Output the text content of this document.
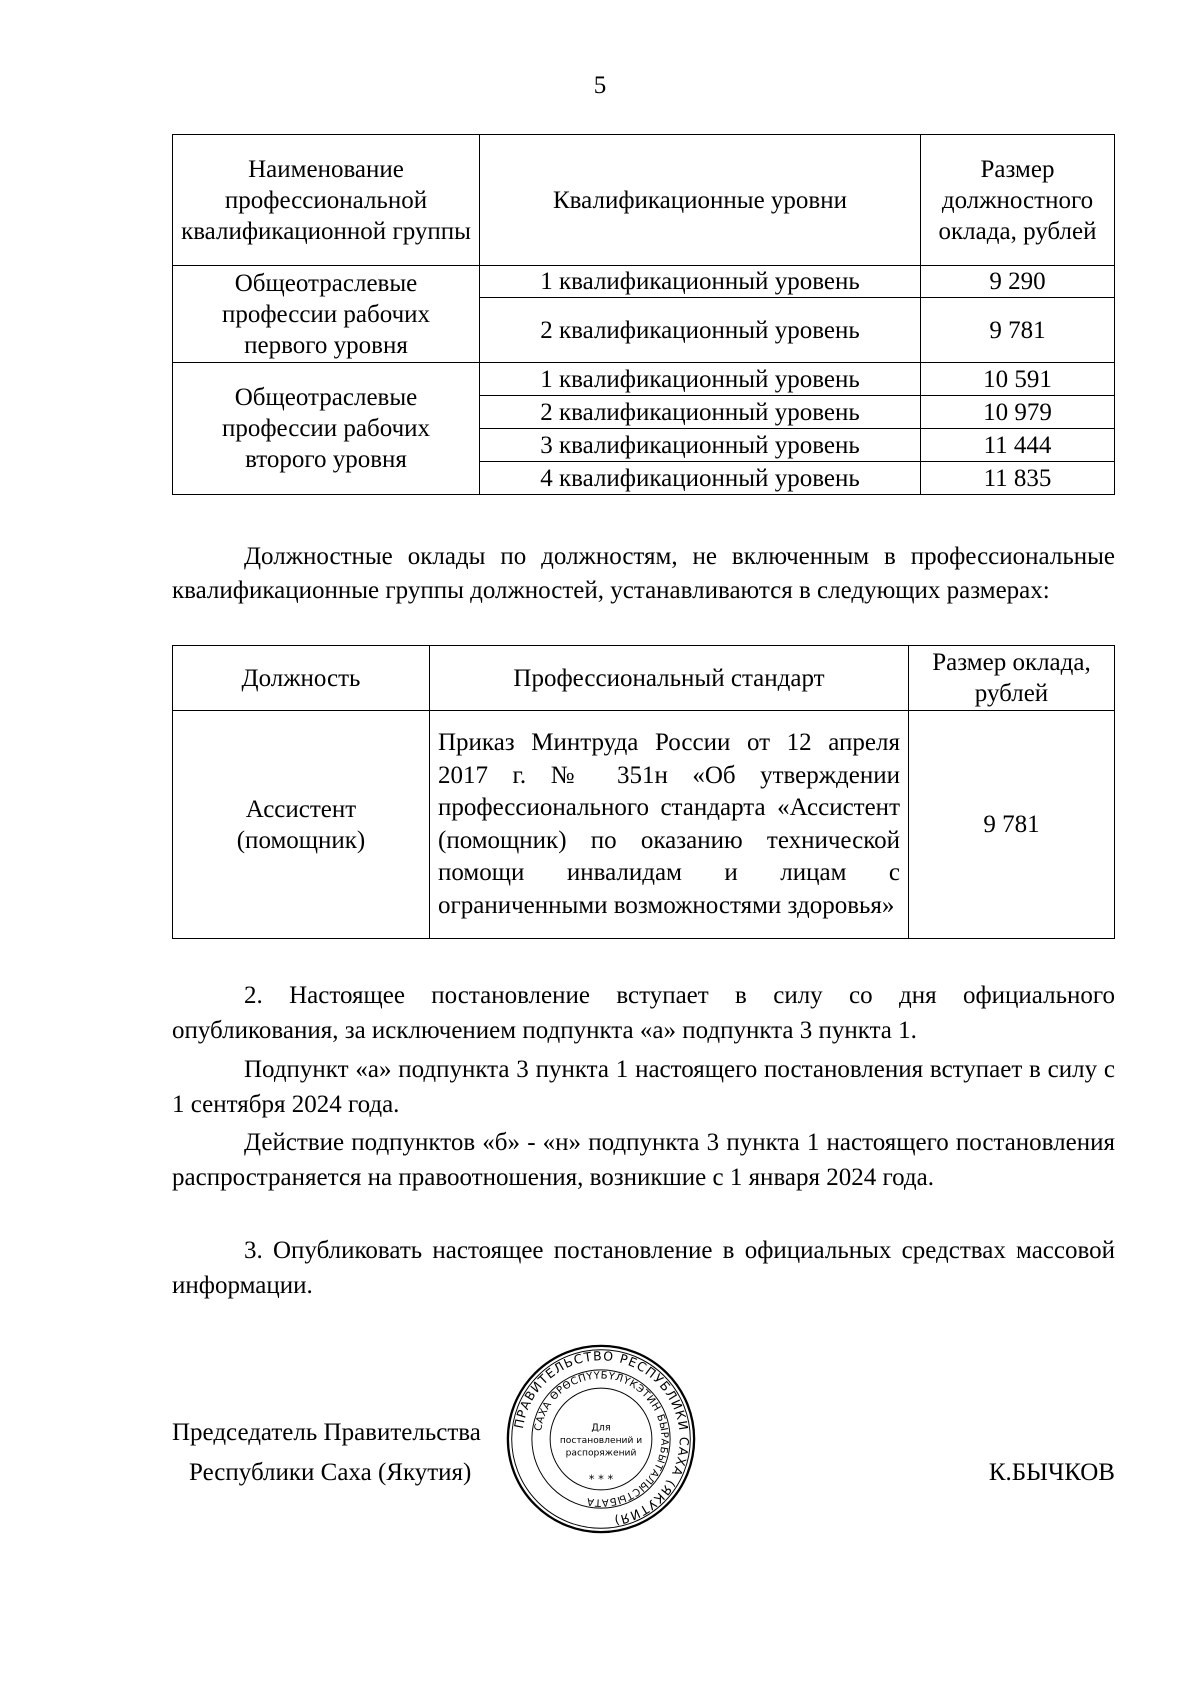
5
Наименование профессиональной квалификационной группы	Квалификационные уровни	Размер должностного оклада, рублей
Общеотраслевые профессии рабочих первого уровня	1 квалификационный уровень	9 290
	2 квалификационный уровень	9 781
Общеотраслевые профессии рабочих второго уровня	1 квалификационный уровень	10 591
	2 квалификационный уровень	10 979
	3 квалификационный уровень	11 444
	4 квалификационный уровень	11 835

Должностные оклады по должностям, не включенным в профессиональные квалификационные группы должностей, устанавливаются в следующих размерах:

Должность	Профессиональный стандарт	Размер оклада, рублей
Ассистент (помощник)	Приказ Минтруда России от 12 апреля 2017 г. № 351н «Об утверждении профессионального стандарта «Ассистент (помощник) по оказанию технической помощи инвалидам и лицам с ограниченными возможностями здоровья»	9 781

2. Настоящее постановление вступает в силу со дня официального опубликования, за исключением подпункта «а» подпункта 3 пункта 1.

Подпункт «а» подпункта 3 пункта 1 настоящего постановления вступает в силу с 1 сентября 2024 года.

Действие подпунктов «б» - «н» подпункта 3 пункта 1 настоящего постановления распространяется на правоотношения, возникшие с 1 января 2024 года.

3. Опубликовать настоящее постановление в официальных средствах массовой информации.

Председатель Правительства
Республики Саха (Якутия)	К.БЫЧКОВ
ПРАВИТЕЛЬСТВО РЕСПУБЛИКИ САХА (ЯКУТИЯ)
САХА ӨРӨСПҮҮБҮЛҮКЭТИН БЫРАБЫТАЛЫСТЫБАТА
Для
постановлений и
распоряжений
* * *
